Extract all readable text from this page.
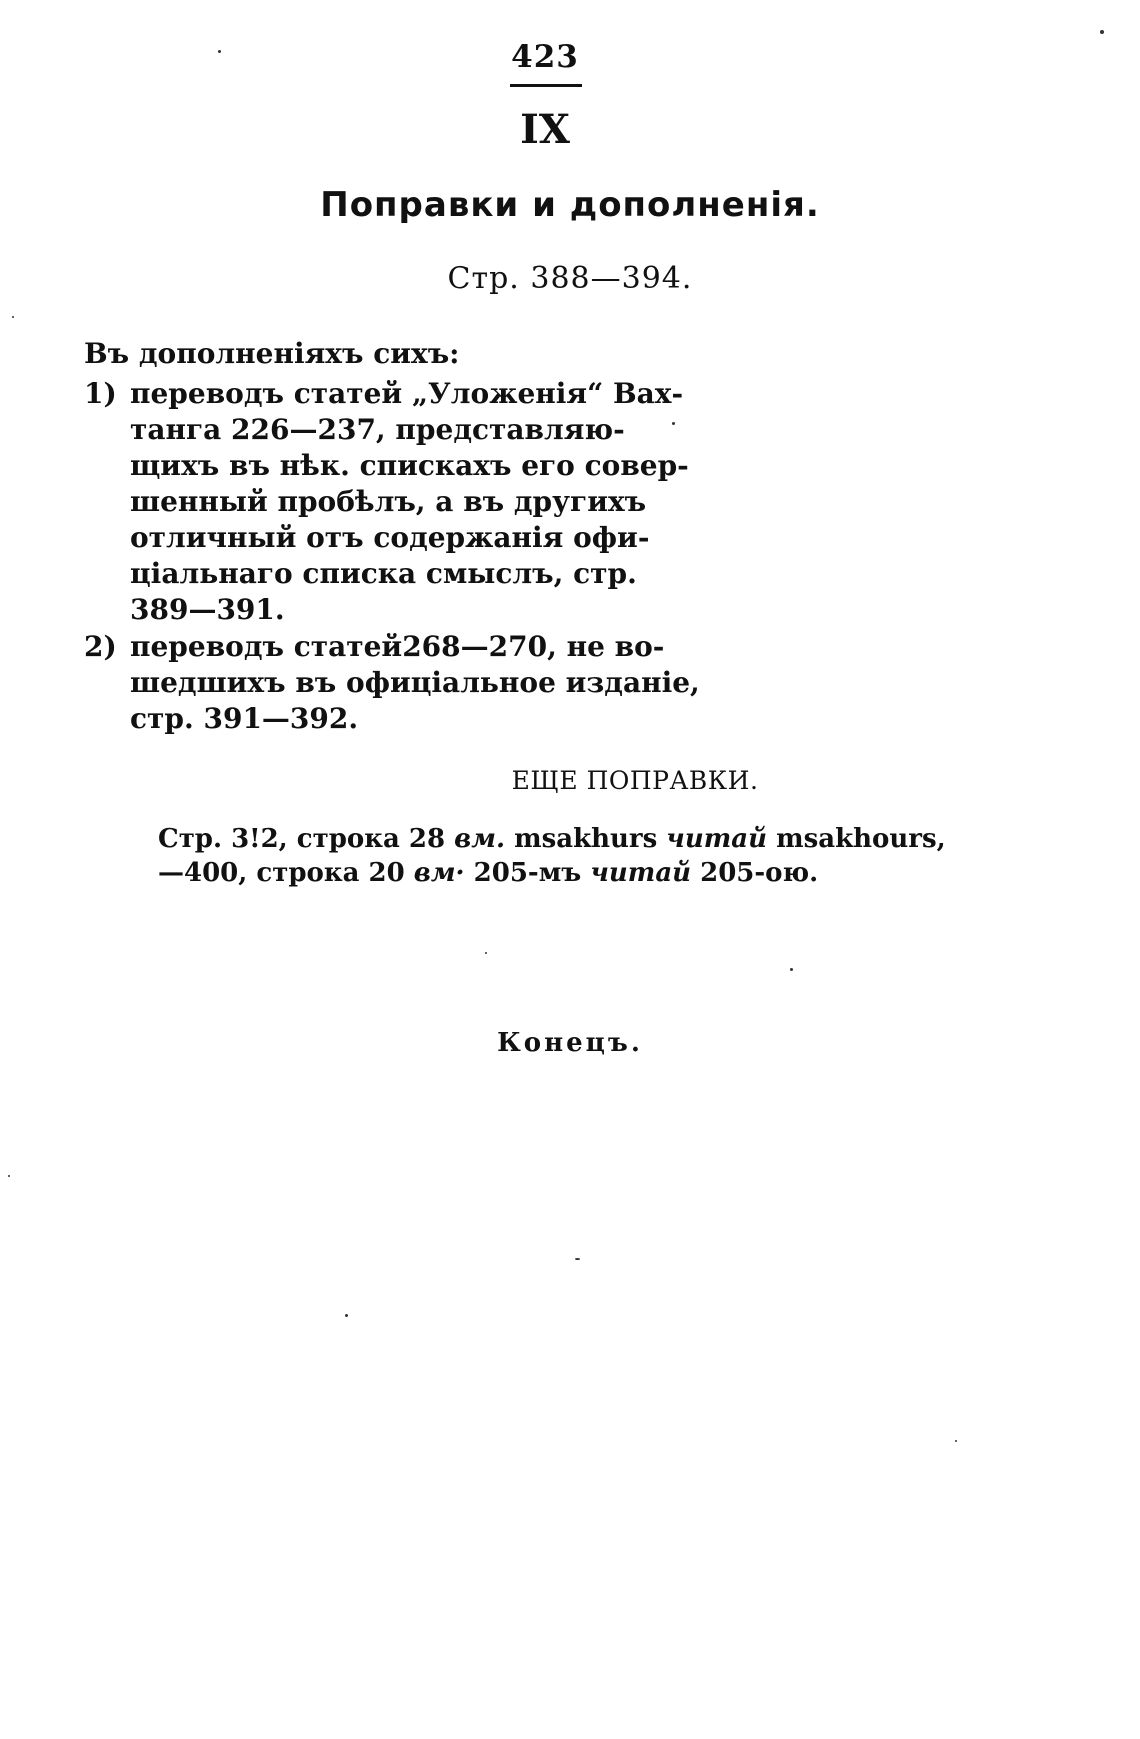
423
IX
Поправки и дополненія.
Стр. 388—394.
Въ дополненіяхъ сихъ:
1) переводъ статей „Уложенія“ Вах-
танга 226—237, представляю-
щихъ въ нѣк. спискахъ его совер-
шенный пробѣлъ, а въ другихъ
отличный отъ содержанія офи-
ціальнаго списка смыслъ, стр.
389—391.
2) переводъ статей268—270, не во-
шедшихъ въ офиціальное изданіе,
стр. 391—392.
ЕЩЕ ПОПРАВКИ.
Стр. 3!2, строка 28 вм. msakhurs читай msakhours,
—400, строка 20 вм· 205-мъ читай 205-ою.
Конецъ.
